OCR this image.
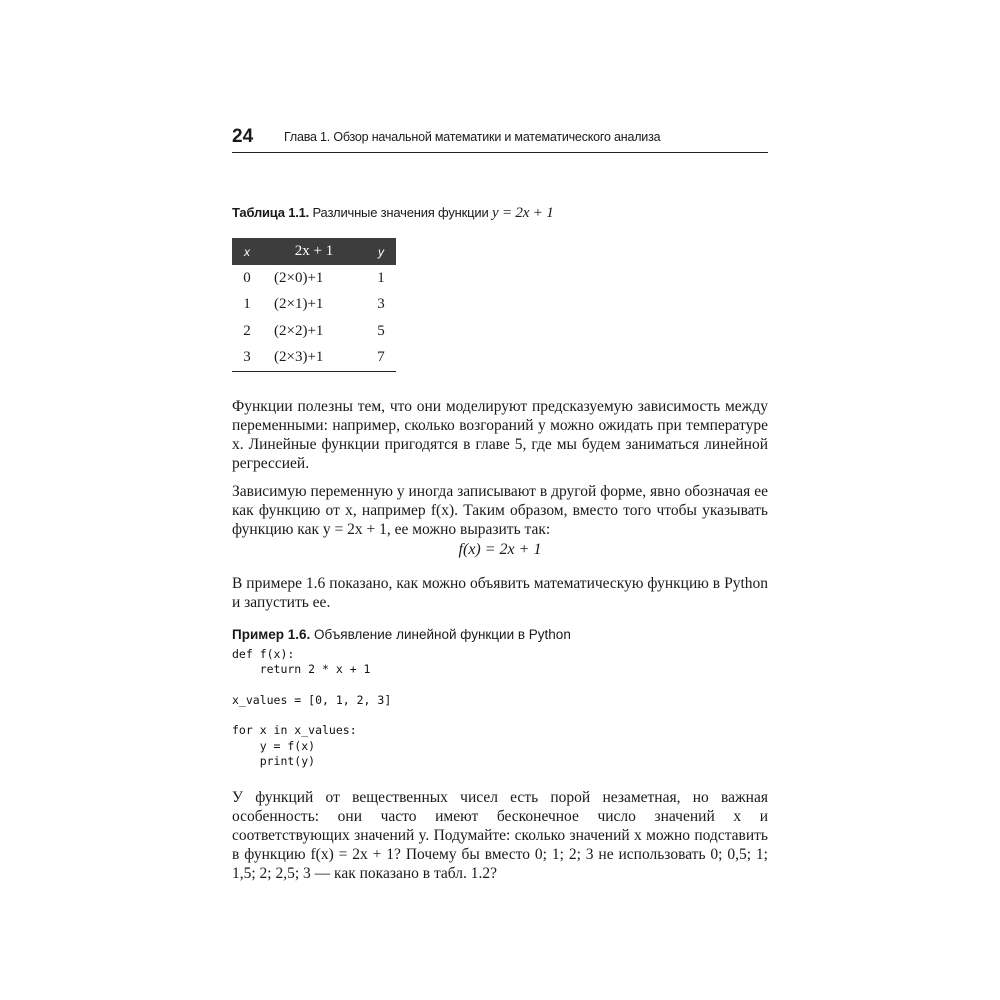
24 Глава 1. Обзор начальной математики и математического анализа
Таблица 1.1. Различные значения функции y = 2x + 1
x	2x + 1	y
0	(2×0)+1	1
1	(2×1)+1	3
2	(2×2)+1	5
3	(2×3)+1	7

Функции полезны тем, что они моделируют предсказуемую зависимость между переменными: например, сколько возгораний y можно ожидать при температуре x. Линейные функции пригодятся в главе 5, где мы будем заниматься линейной регрессией.

Зависимую переменную y иногда записывают в другой форме, явно обозначая ее как функцию от x, например f(x). Таким образом, вместо того чтобы указывать функцию как y = 2x + 1, ее можно выразить так:

f(x) = 2x + 1

В примере 1.6 показано, как можно объявить математическую функцию в Python и запустить ее.

Пример 1.6. Объявление линейной функции в Python
def f(x):
return 2 * x + 1

x_values = [0, 1, 2, 3]

for x in x_values:
y = f(x)
print(y)

У функций от вещественных чисел есть порой незаметная, но важная особенность: они часто имеют бесконечное число значений x и соответствующих значений y. Подумайте: сколько значений x можно подставить в функцию f(x) = 2x + 1? Почему бы вместо 0; 1; 2; 3 не использовать 0; 0,5; 1; 1,5; 2; 2,5; 3 — как показано в табл. 1.2?
